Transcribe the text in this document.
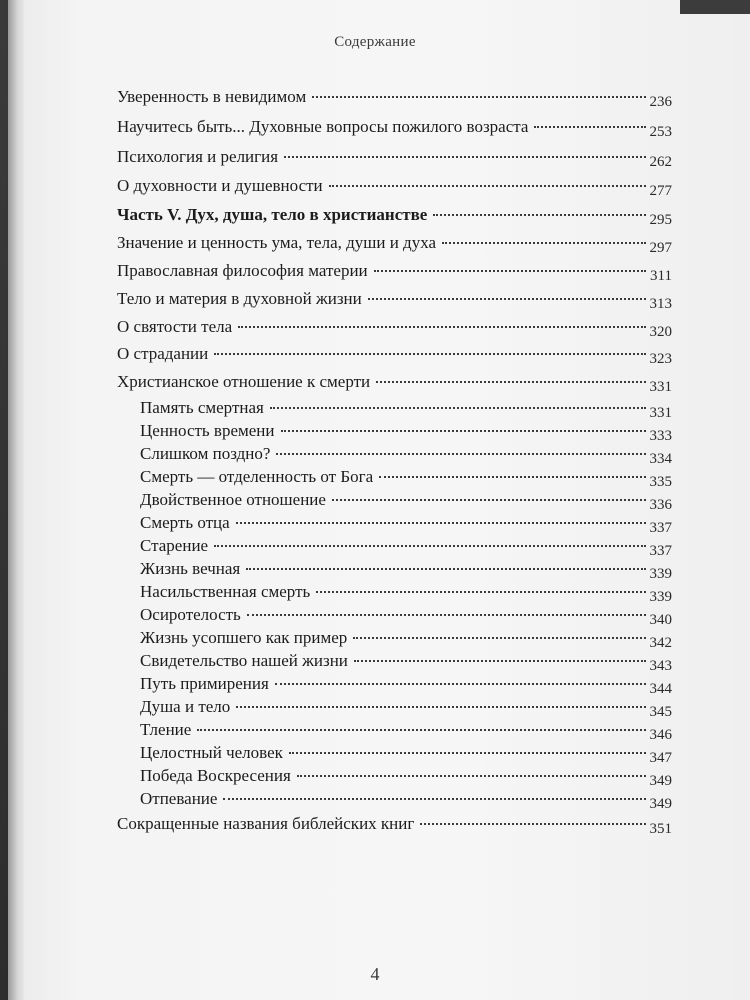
Содержание
Уверенность в невидимом	236
Научитесь быть... Духовные вопросы пожилого возраста	253
Психология и религия	262
О духовности и душевности	277
Часть V. Дух, душа, тело в христианстве	295
Значение и ценность ума, тела, души и духа	297
Православная философия материи	311
Тело и материя в духовной жизни	313
О святости тела	320
О страдании	323
Христианское отношение к смерти	331
Память смертная	331
Ценность времени	333
Слишком поздно?	334
Смерть — отделенность от Бога	335
Двойственное отношение	336
Смерть отца	337
Старение	337
Жизнь вечная	339
Насильственная смерть	339
Осиротелость	340
Жизнь усопшего как пример	342
Свидетельство нашей жизни	343
Путь примирения	344
Душа и тело	345
Тление	346
Целостный человек	347
Победа Воскресения	349
Отпевание	349
Сокращенные названия библейских книг	351
4
